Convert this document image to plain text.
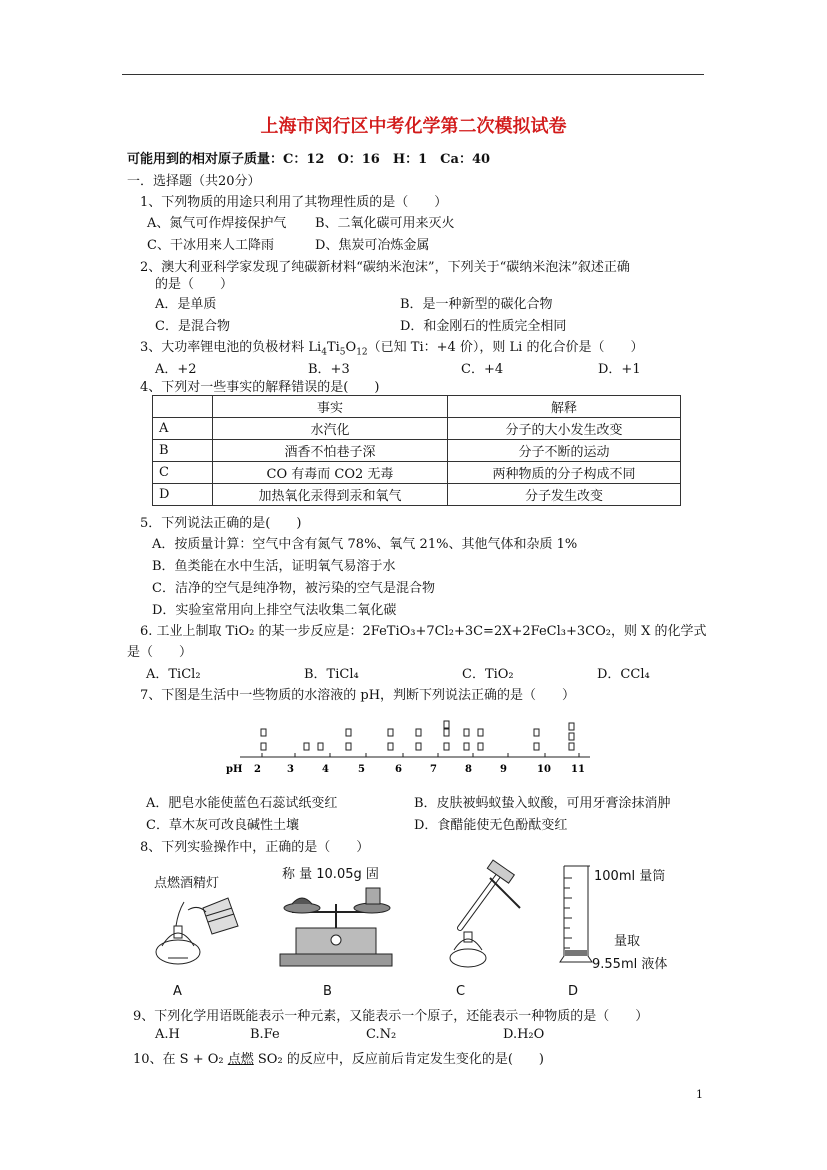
上海市闵行区中考化学第二次模拟试卷
可能用到的相对原子质量：C：12　O：16　H：1　Ca：40
一．选择题（共20分）
1、下列物质的用途只利用了其物理性质的是（　　）
A、氮气可作焊接保护气 B、二氧化碳可用来灭火
C、干冰用来人工降雨	D、焦炭可冶炼金属
2、澳大利亚科学家发现了纯碳新材料“碳纳米泡沫”，下列关于“碳纳米泡沫”叙述正确
的是（　　）
A．是单质	B．是一种新型的碳化合物
C．是混合物	D．和金刚石的性质完全相同
3、大功率锂电池的负极材料 $Li_4Ti_5O_{12}$（已知 Ti：+4 价），则 Li 的化合价是（　　）
A．+2	B．+3	C．+4	D．+1
4、下列对一些事实的解释错误的是(　　)
	事实	解释
A	水汽化	分子的大小发生改变
B	酒香不怕巷子深	分子不断的运动
C	CO 有毒而 CO2 无毒	两种物质的分子构成不同
D	加热氧化汞得到汞和氧气	分子发生改变
5．下列说法正确的是(　　)
A．按质量计算：空气中含有氮气 78%、氧气 21%、其他气体和杂质 1%
B．鱼类能在水中生活，证明氧气易溶于水
C．洁净的空气是纯净物，被污染的空气是混合物
D．实验室常用向上排空气法收集二氧化碳
6. 工业上制取 TiO₂ 的某一步反应是：2FeTiO₃+7Cl₂+3C=2X+2FeCl₃+3CO₂，则 X 的化学式
是（　　）
A．TiCl₂	B．TiCl₄	C．TiO₂	D．CCl₄
7、下图是生活中一些物质的水溶液的 pH，判断下列说法正确的是（　　）
2	3	4	5	6	7	8	9	10 11
pH
A．肥皂水能使蓝色石蕊试纸变红	B．皮肤被蚂蚁蛰入蚁酸，可用牙膏涂抹消肿
C．草木灰可改良碱性土壤	D．食醋能使无色酚酞变红
8、下列实验操作中，正确的是（　　）
点燃酒精灯
A
称 量 10.05g 固
B	C
100ml 量筒
量取
9.55ml 液体
D
9、下列化学用语既能表示一种元素，又能表示一个原子，还能表示一种物质的是（　　）
A.H	B.Fe	C.N₂	D.H₂O
10、在 S + O₂ 点燃 SO₂ 的反应中，反应前后肯定发生变化的是(　　)
1
